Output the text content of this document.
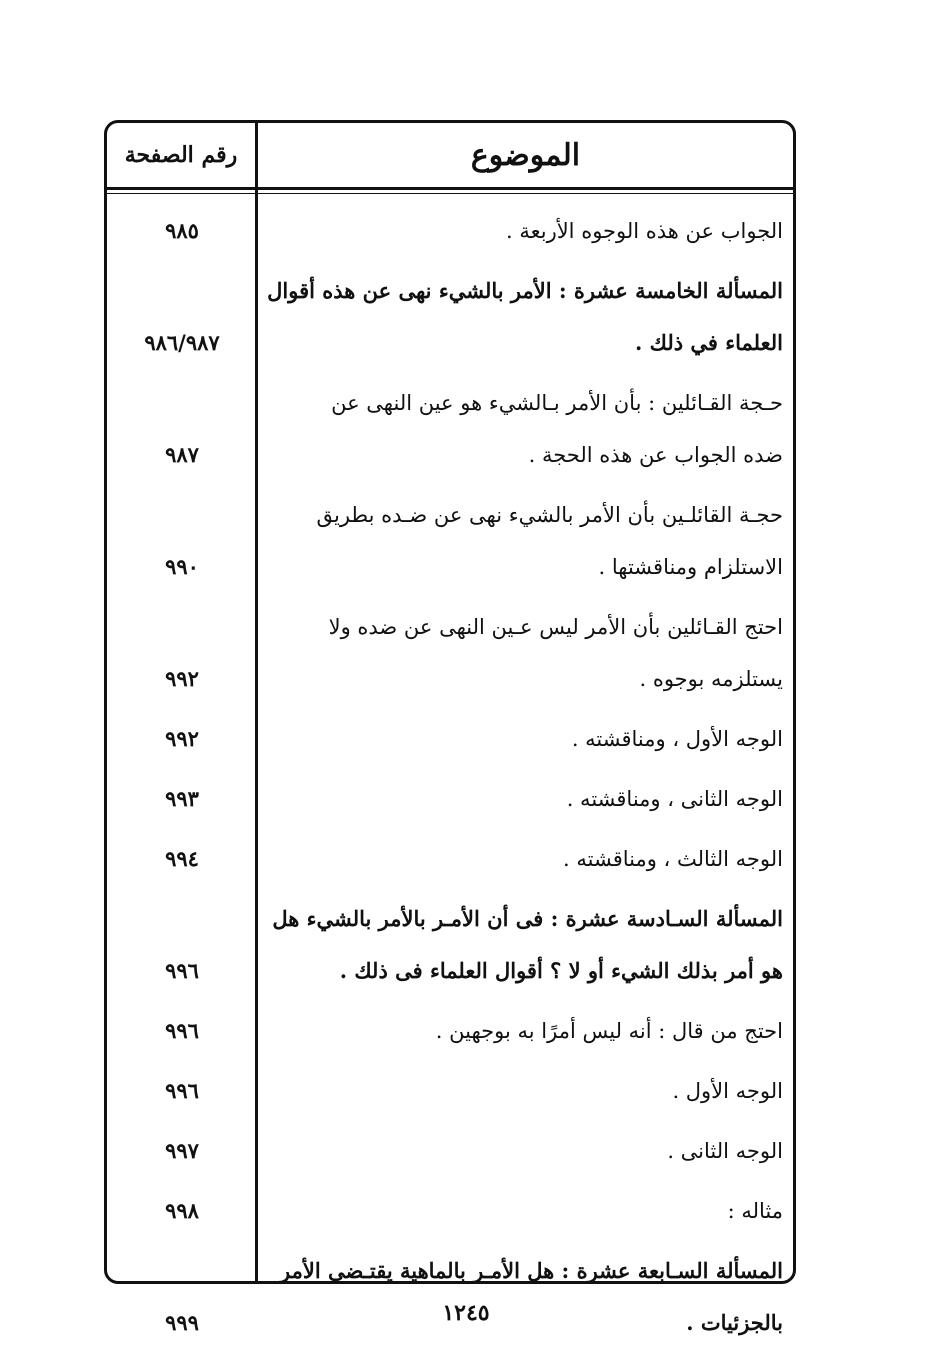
رقم الصفحة	الموضوع
الجواب عن هذه الوجوه الأربعة .
٩٨٥
المسألة الخامسة عشرة : الأمر بالشيء نهى عن هذه أقوال
العلماء في ذلك .
٩٨٦/٩٨٧
حـجة القـائلين : بأن الأمر بـالشيء هو عين النهى عن
ضده الجواب عن هذه الحجة .
٩٨٧
حجـة القائلـين بأن الأمر بالشيء نهى عن ضـده بطريق
الاستلزام ومناقشتها .
٩٩٠
احتج القـائلين بأن الأمر ليس عـين النهى عن ضده ولا
يستلزمه بوجوه .
٩٩٢
الوجه الأول ، ومناقشته .
٩٩٢
الوجه الثانى ، ومناقشته .
٩٩٣
الوجه الثالث ، ومناقشته .
٩٩٤
المسألة السـادسة عشرة : فى أن الأمـر بالأمر بالشيء هل
هو أمر بذلك الشيء أو لا ؟ أقوال العلماء فى ذلك .
٩٩٦
احتج من قال : أنه ليس أمرًا به بوجهين .
٩٩٦
الوجه الأول .
٩٩٦
الوجه الثانى .
٩٩٧
مثاله :
٩٩٨
المسألة السـابعة عشرة : هل الأمـر بالماهية يقتـضى الأمر
بالجزئيات .
٩٩٩	١٢٤٥
